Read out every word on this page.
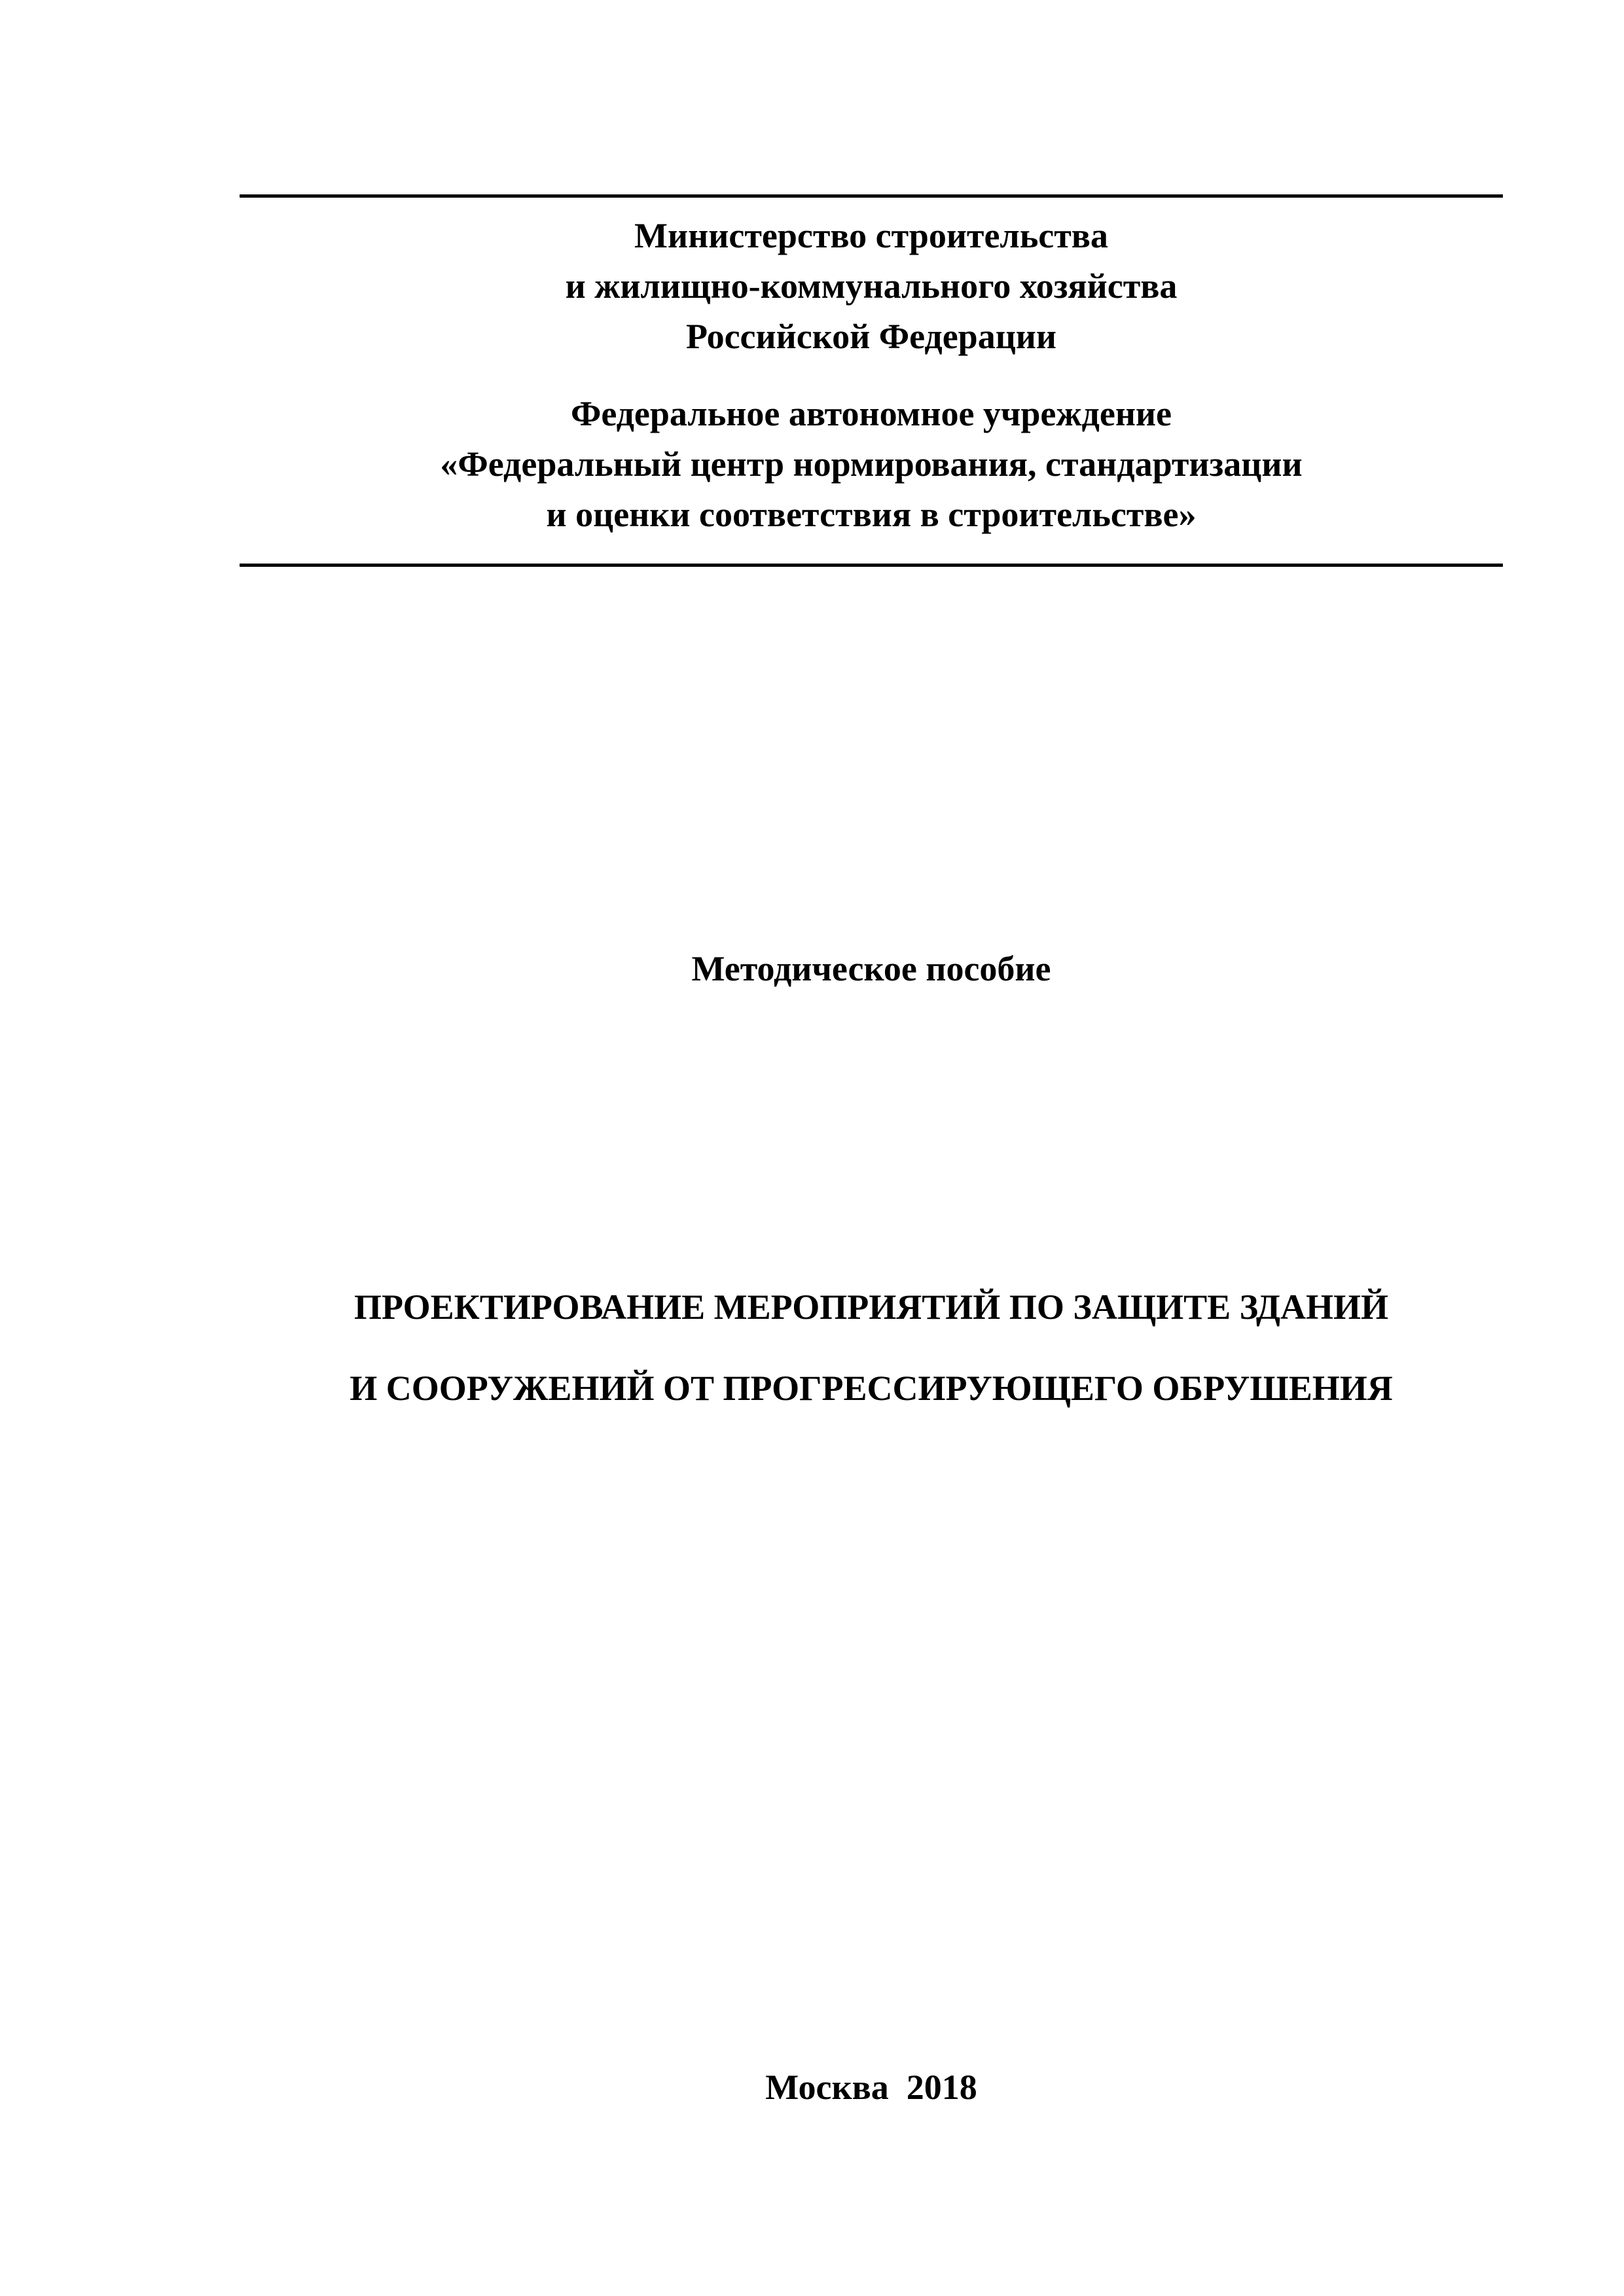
Министерство строительства
и жилищно-коммунального хозяйства
Российской Федерации
Федеральное автономное учреждение
«Федеральный центр нормирования, стандартизации
и оценки соответствия в строительстве»
Методическое пособие
ПРОЕКТИРОВАНИЕ МЕРОПРИЯТИЙ ПО ЗАЩИТЕ ЗДАНИЙ
И СООРУЖЕНИЙ ОТ ПРОГРЕССИРУЮЩЕГО ОБРУШЕНИЯ
Москва  2018
